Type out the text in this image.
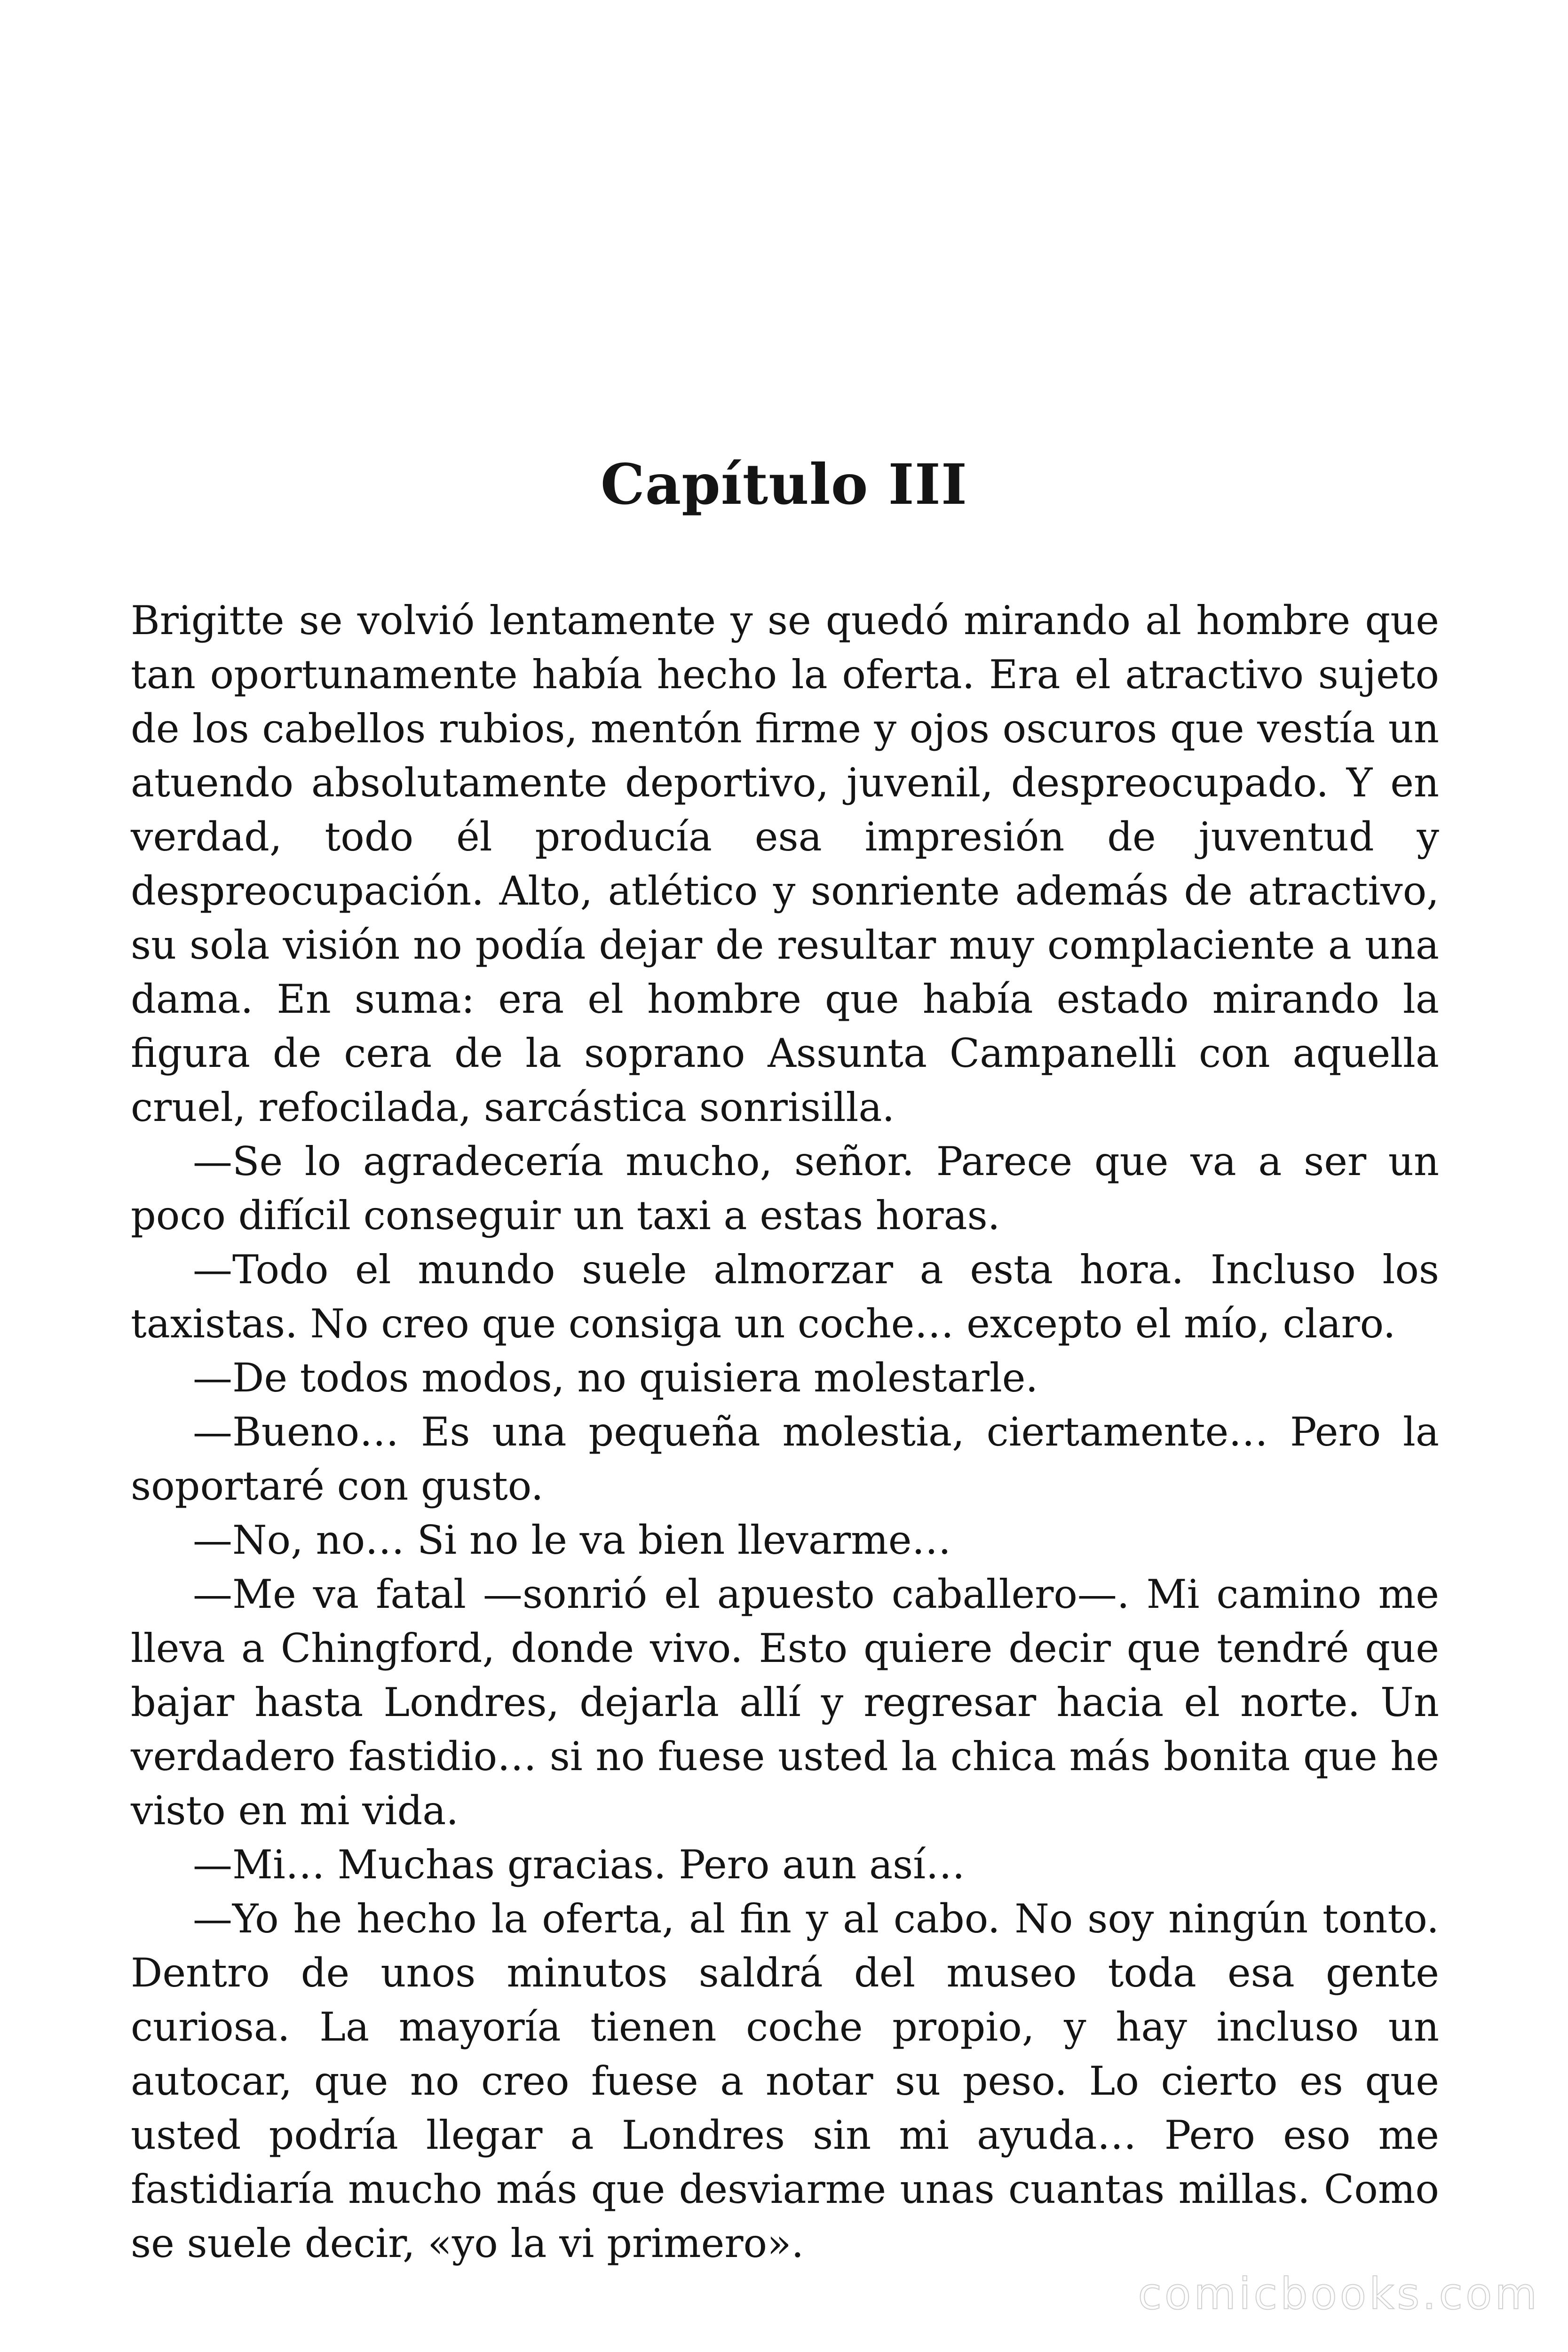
Capítulo III

Brigitte se volvió lentamente y se quedó mirando al hombre que tan oportunamente había hecho la oferta. Era el atractivo sujeto de los cabellos rubios, mentón firme y ojos oscuros que vestía un atuendo absolutamente deportivo, juvenil, despreocupado. Y en verdad, todo él producía esa impresión de juventud y despreocupación. Alto, atlético y sonriente además de atractivo, su sola visión no podía dejar de resultar muy complaciente a una dama. En suma: era el hombre que había estado mirando la figura de cera de la soprano Assunta Campanelli con aquella cruel, refocilada, sarcástica sonrisilla.

—Se lo agradecería mucho, señor. Parece que va a ser un poco difícil conseguir un taxi a estas horas.

—Todo el mundo suele almorzar a esta hora. Incluso los taxistas. No creo que consiga un coche… excepto el mío, claro.

—De todos modos, no quisiera molestarle.

—Bueno… Es una pequeña molestia, ciertamente… Pero la soportaré con gusto.

—No, no… Si no le va bien llevarme…

—Me va fatal —sonrió el apuesto caballero—. Mi camino me lleva a Chingford, donde vivo. Esto quiere decir que tendré que bajar hasta Londres, dejarla allí y regresar hacia el norte. Un verdadero fastidio… si no fuese usted la chica más bonita que he visto en mi vida.

—Mi… Muchas gracias. Pero aun así…

—Yo he hecho la oferta, al fin y al cabo. No soy ningún tonto. Dentro de unos minutos saldrá del museo toda esa gente curiosa. La mayoría tienen coche propio, y hay incluso un autocar, que no creo fuese a notar su peso. Lo cierto es que usted podría llegar a Londres sin mi ayuda… Pero eso me fastidiaría mucho más que desviarme unas cuantas millas. Como se suele decir, «yo la vi primero».

comicbooks.com
